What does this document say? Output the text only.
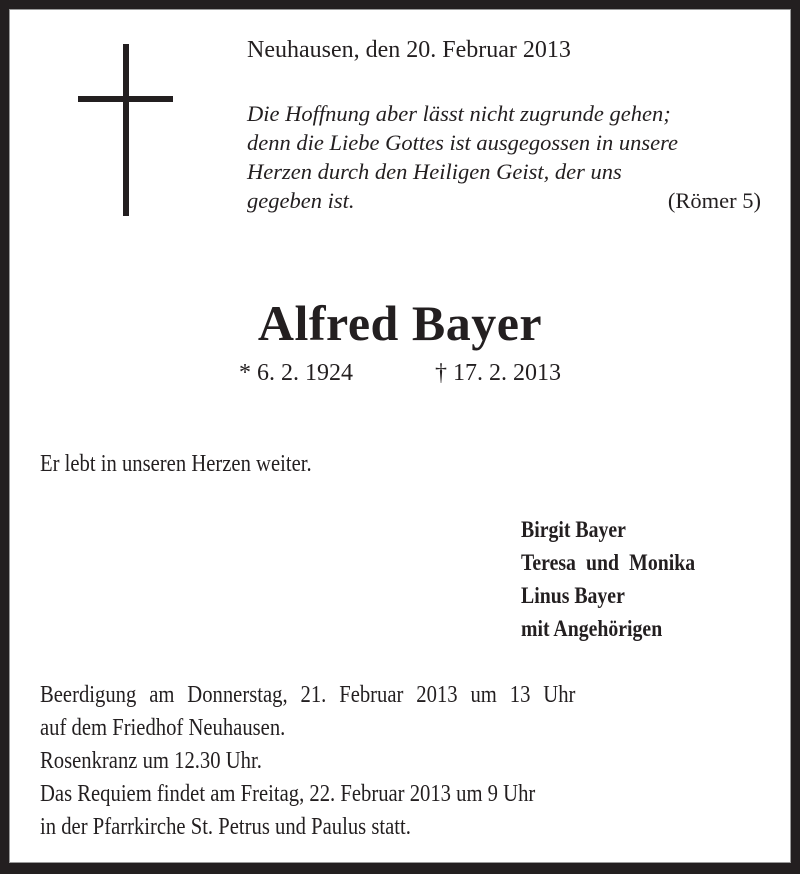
Neuhausen, den 20. Februar 2013
Die Hoffnung aber lässt nicht zugrunde gehen;
denn die Liebe Gottes ist ausgegossen in unsere
Herzen durch den Heiligen Geist, der uns
gegeben ist.	(Römer 5)
Alfred Bayer
* 6. 2. 1924	† 17. 2. 2013
Er lebt in unseren Herzen weiter.
Birgit Bayer
Teresa und Monika
Linus Bayer
mit Angehörigen
Beerdigung am Donnerstag, 21. Februar 2013 um 13 Uhr
auf dem Friedhof Neuhausen.
Rosenkranz um 12.30 Uhr.
Das Requiem findet am Freitag, 22. Februar 2013 um 9 Uhr
in der Pfarrkirche St. Petrus und Paulus statt.
